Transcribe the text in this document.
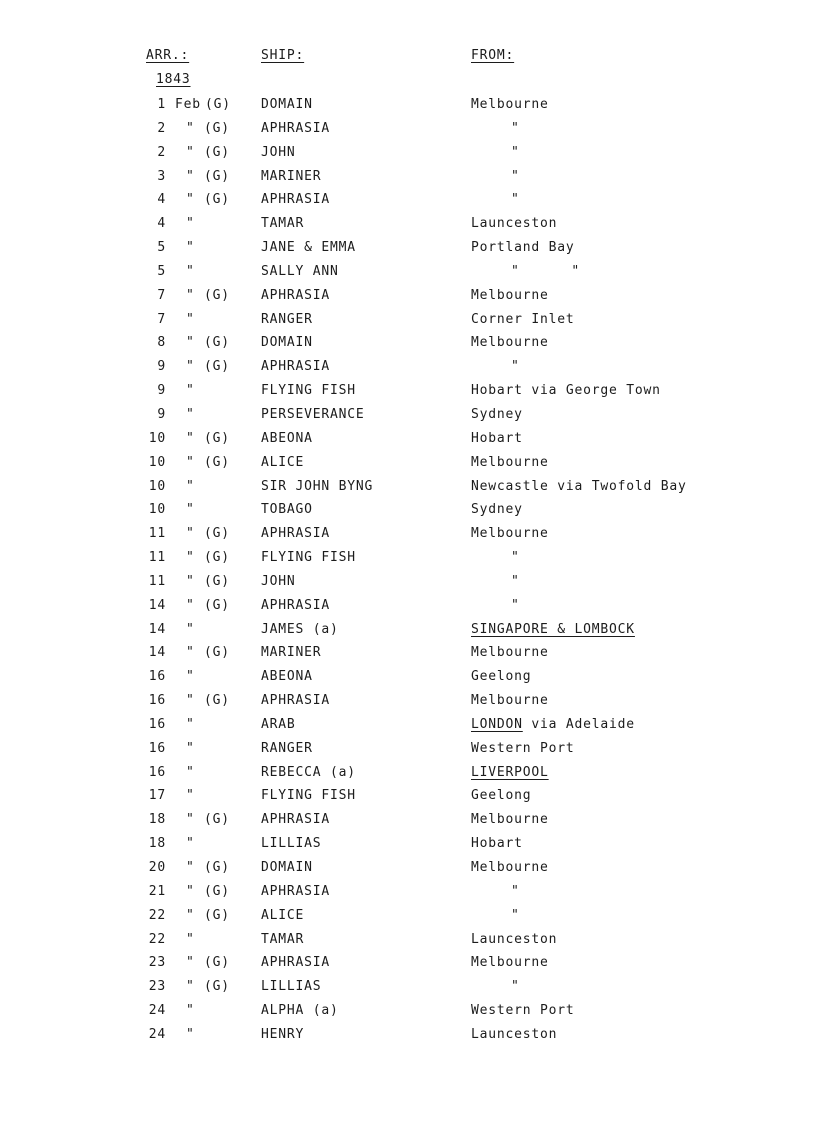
ARR.:	SHIP:	FROM:
1843
1 Feb (G) DOMAIN	Melbourne
2 " (G) APHRASIA	"
2 " (G) JOHN	"
3 " (G) MARINER	"
4 " (G) APHRASIA	"
4 "	TAMAR	Launceston
5 "	JANE & EMMA	Portland Bay
5 "	SALLY ANN	"      "
7 " (G) APHRASIA	Melbourne
7 "	RANGER	Corner Inlet
8 " (G) DOMAIN	Melbourne
9 " (G) APHRASIA	"
9 "	FLYING FISH	Hobart via George Town
9 "	PERSEVERANCE	Sydney
10 " (G) ABEONA	Hobart
10 " (G) ALICE	Melbourne
10 "	SIR JOHN BYNG	Newcastle via Twofold Bay
10 "	TOBAGO	Sydney
11 " (G) APHRASIA	Melbourne
11 " (G) FLYING FISH	"
11 " (G) JOHN	"
14 " (G) APHRASIA	"
14 "	JAMES (a)	SINGAPORE & LOMBOCK
14 " (G) MARINER	Melbourne
16 "	ABEONA	Geelong
16 " (G) APHRASIA	Melbourne
16 "	ARAB	LONDON via Adelaide
16 "	RANGER	Western Port
16 "	REBECCA (a)	LIVERPOOL
17 "	FLYING FISH	Geelong
18 " (G) APHRASIA	Melbourne
18 "	LILLIAS	Hobart
20 " (G) DOMAIN	Melbourne
21 " (G) APHRASIA	"
22 " (G) ALICE	"
22 "	TAMAR	Launceston
23 " (G) APHRASIA	Melbourne
23 " (G) LILLIAS	"
24 "	ALPHA (a)	Western Port
24 "	HENRY	Launceston
